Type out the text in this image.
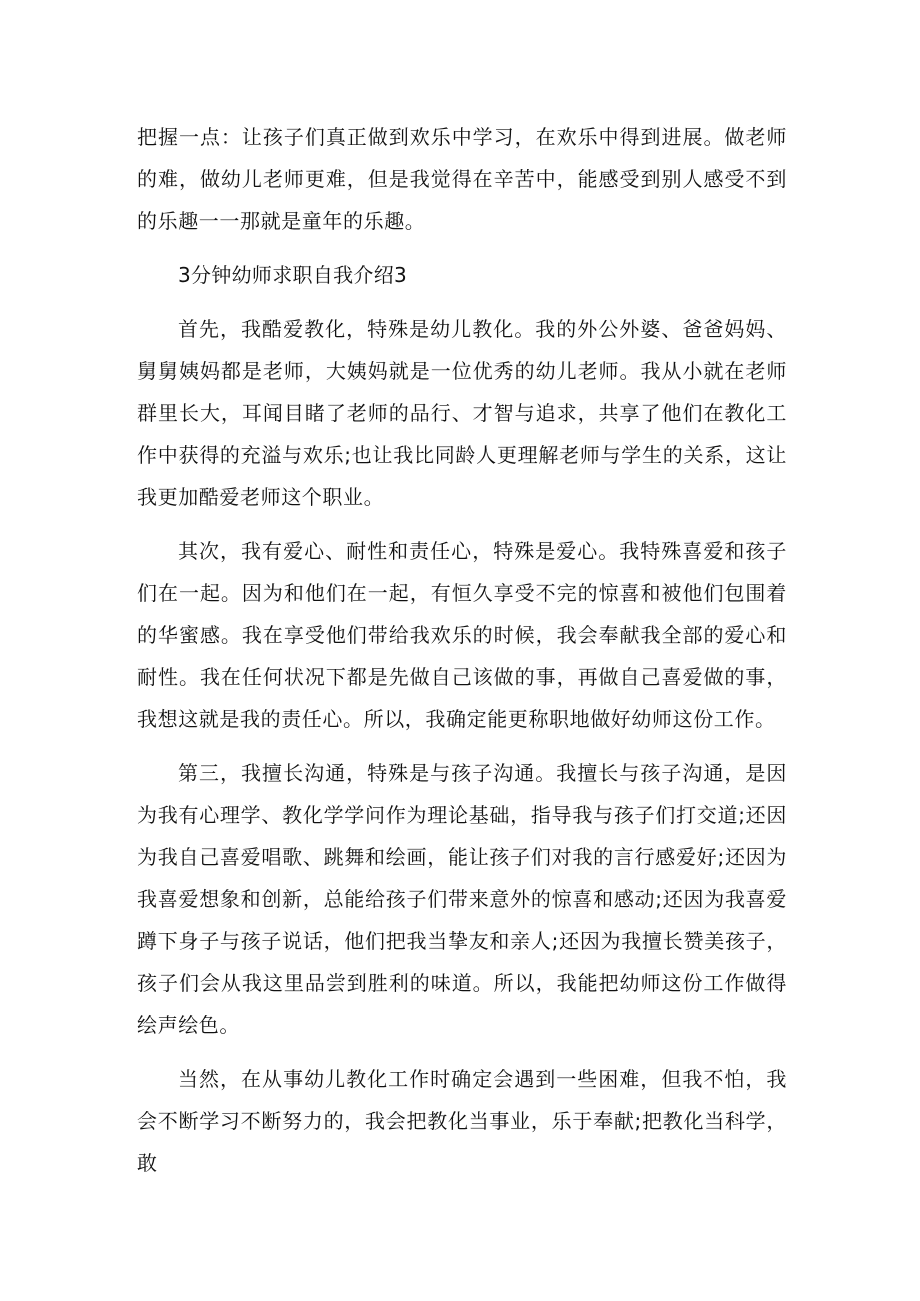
把握一点：让孩子们真正做到欢乐中学习，在欢乐中得到进展。做老师的难，做幼儿老师更难，但是我觉得在辛苦中，能感受到别人感受不到的乐趣一一那就是童年的乐趣。

3分钟幼师求职自我介绍3

首先，我酷爱教化，特殊是幼儿教化。我的外公外婆、爸爸妈妈、舅舅姨妈都是老师，大姨妈就是一位优秀的幼儿老师。我从小就在老师群里长大，耳闻目睹了老师的品行、才智与追求，共享了他们在教化工作中获得的充溢与欢乐;也让我比同龄人更理解老师与学生的关系，这让我更加酷爱老师这个职业。

其次，我有爱心、耐性和责任心，特殊是爱心。我特殊喜爱和孩子们在一起。因为和他们在一起，有恒久享受不完的惊喜和被他们包围着的华蜜感。我在享受他们带给我欢乐的时候，我会奉献我全部的爱心和耐性。我在任何状况下都是先做自己该做的事，再做自己喜爱做的事，我想这就是我的责任心。所以，我确定能更称职地做好幼师这份工作。

第三，我擅长沟通，特殊是与孩子沟通。我擅长与孩子沟通，是因为我有心理学、教化学学问作为理论基础，指导我与孩子们打交道;还因为我自己喜爱唱歌、跳舞和绘画，能让孩子们对我的言行感爱好;还因为我喜爱想象和创新，总能给孩子们带来意外的惊喜和感动;还因为我喜爱蹲下身子与孩子说话，他们把我当挚友和亲人;还因为我擅长赞美孩子，孩子们会从我这里品尝到胜利的味道。所以，我能把幼师这份工作做得绘声绘色。

当然，在从事幼儿教化工作时确定会遇到一些困难，但我不怕，我会不断学习不断努力的，我会把教化当事业，乐于奉献;把教化当科学，敢
